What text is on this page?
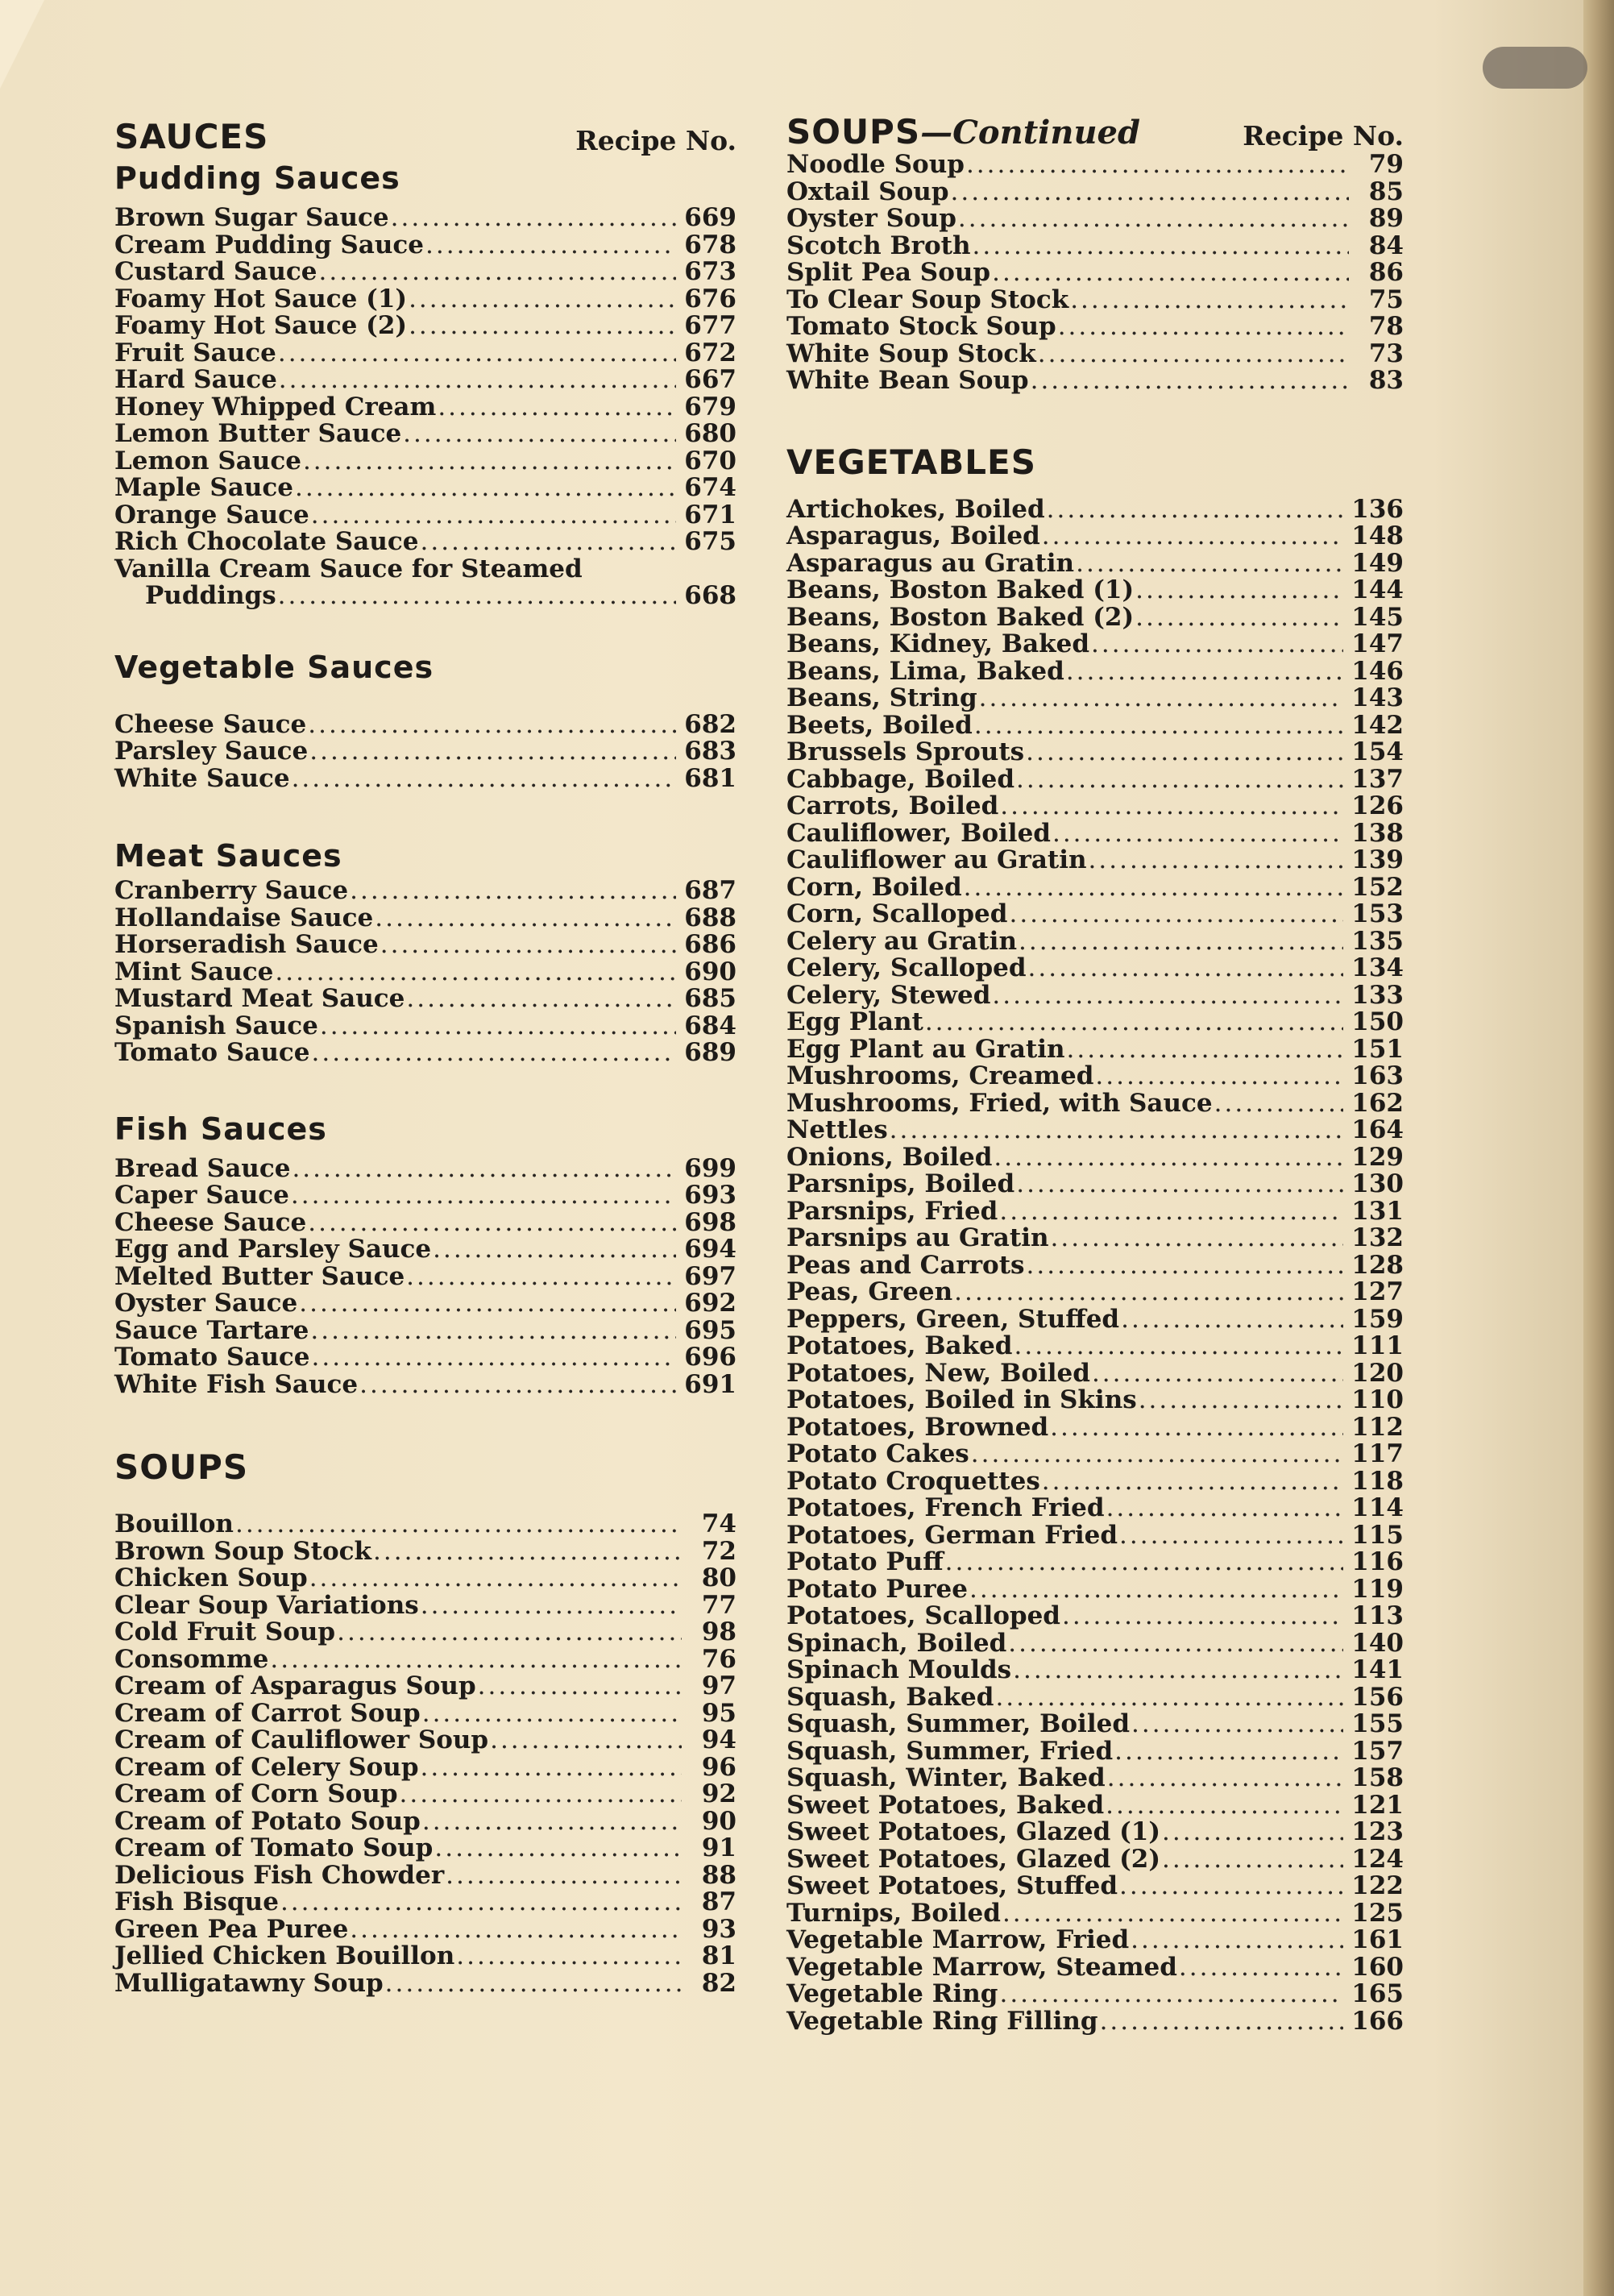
SAUCES	Recipe No.
Pudding Sauces
Brown Sugar Sauce .....	669
Cream Pudding Sauce .....	678
Custard Sauce .....	673
Foamy Hot Sauce (1) .....	676
Foamy Hot Sauce (2) .....	677
Fruit Sauce .....	672
Hard Sauce .....	667
Honey Whipped Cream .....	679
Lemon Butter Sauce .....	680
Lemon Sauce .....	670
Maple Sauce .....	674
Orange Sauce .....	671
Rich Chocolate Sauce .....	675
Vanilla Cream Sauce for Steamed
Puddings .....	668
Vegetable Sauces
Cheese Sauce .....	682
Parsley Sauce .....	683
White Sauce .....	681
Meat Sauces
Cranberry Sauce .....	687
Hollandaise Sauce .....	688
Horseradish Sauce .....	686
Mint Sauce .....	690
Mustard Meat Sauce .....	685
Spanish Sauce .....	684
Tomato Sauce .....	689
Fish Sauces
Bread Sauce .....	699
Caper Sauce .....	693
Cheese Sauce .....	698
Egg and Parsley Sauce .....	694
Melted Butter Sauce .....	697
Oyster Sauce .....	692
Sauce Tartare .....	695
Tomato Sauce .....	696
White Fish Sauce .....	691
SOUPS
Bouillon .....	74
Brown Soup Stock .....	72
Chicken Soup .....	80
Clear Soup Variations .....	77
Cold Fruit Soup .....	98
Consomme .....	76
Cream of Asparagus Soup .....	97
Cream of Carrot Soup .....	95
Cream of Cauliflower Soup .....	94
Cream of Celery Soup .....	96
Cream of Corn Soup .....	92
Cream of Potato Soup .....	90
Cream of Tomato Soup .....	91
Delicious Fish Chowder .....	88
Fish Bisque .....	87
Green Pea Puree .....	93
Jellied Chicken Bouillon .....	81
Mulligatawny Soup .....	82
SOUPS—Continued	Recipe No.
Noodle Soup .....	79
Oxtail Soup .....	85
Oyster Soup .....	89
Scotch Broth .....	84
Split Pea Soup .....	86
To Clear Soup Stock .....	75
Tomato Stock Soup .....	78
White Soup Stock .....	73
White Bean Soup .....	83
VEGETABLES
Artichokes, Boiled .....	136
Asparagus, Boiled .....	148
Asparagus au Gratin .....	149
Beans, Boston Baked (1) .....	144
Beans, Boston Baked (2) .....	145
Beans, Kidney, Baked .....	147
Beans, Lima, Baked .....	146
Beans, String .....	143
Beets, Boiled .....	142
Brussels Sprouts .....	154
Cabbage, Boiled .....	137
Carrots, Boiled .....	126
Cauliflower, Boiled .....	138
Cauliflower au Gratin .....	139
Corn, Boiled .....	152
Corn, Scalloped .....	153
Celery au Gratin .....	135
Celery, Scalloped .....	134
Celery, Stewed .....	133
Egg Plant .....	150
Egg Plant au Gratin .....	151
Mushrooms, Creamed .....	163
Mushrooms, Fried, with Sauce .....	162
Nettles .....	164
Onions, Boiled .....	129
Parsnips, Boiled .....	130
Parsnips, Fried .....	131
Parsnips au Gratin .....	132
Peas and Carrots .....	128
Peas, Green .....	127
Peppers, Green, Stuffed .....	159
Potatoes, Baked .....	111
Potatoes, New, Boiled .....	120
Potatoes, Boiled in Skins .....	110
Potatoes, Browned .....	112
Potato Cakes .....	117
Potato Croquettes .....	118
Potatoes, French Fried .....	114
Potatoes, German Fried .....	115
Potato Puff .....	116
Potato Puree .....	119
Potatoes, Scalloped .....	113
Spinach, Boiled .....	140
Spinach Moulds .....	141
Squash, Baked .....	156
Squash, Summer, Boiled .....	155
Squash, Summer, Fried .....	157
Squash, Winter, Baked .....	158
Sweet Potatoes, Baked .....	121
Sweet Potatoes, Glazed (1) .....	123
Sweet Potatoes, Glazed (2) .....	124
Sweet Potatoes, Stuffed .....	122
Turnips, Boiled .....	125
Vegetable Marrow, Fried .....	161
Vegetable Marrow, Steamed .....	160
Vegetable Ring .....	165
Vegetable Ring Filling .....	166
